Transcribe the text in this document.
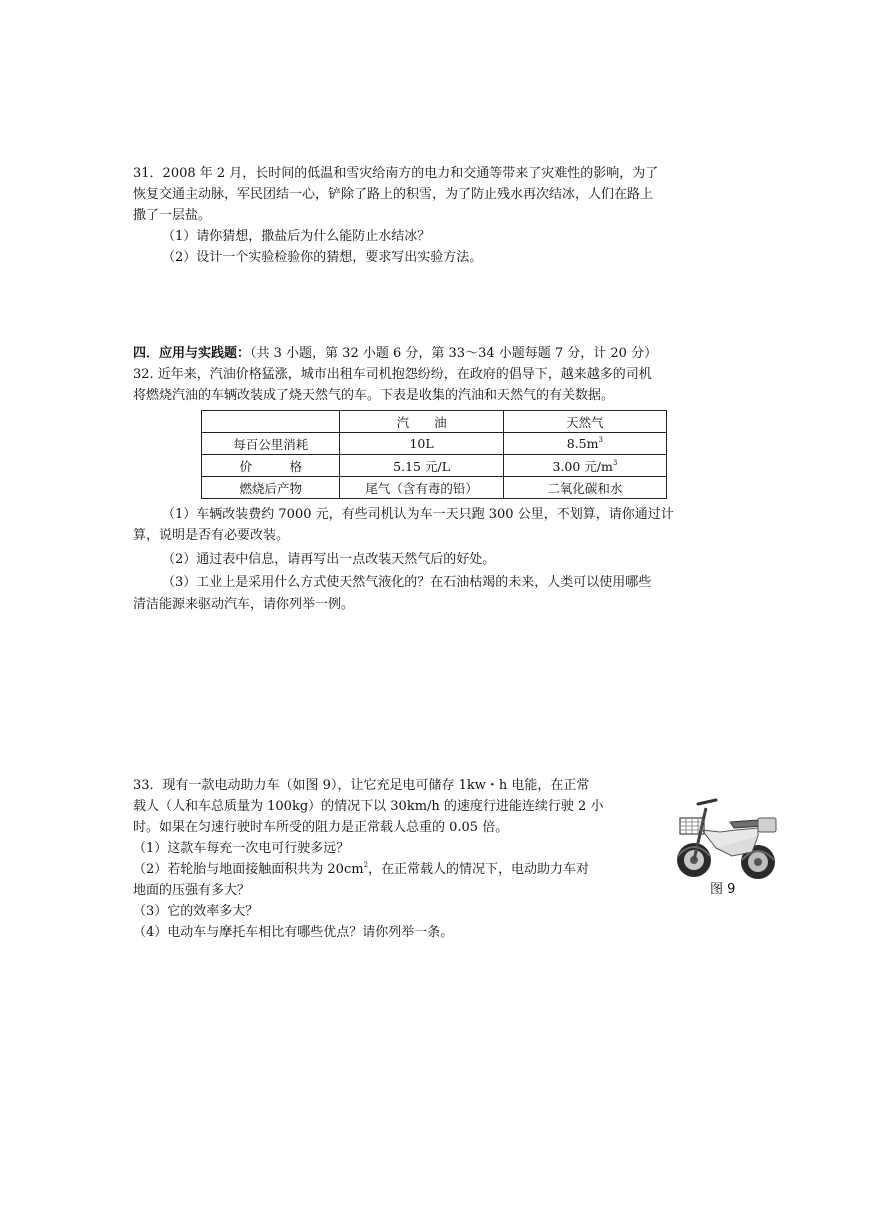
31．2008 年 2 月，长时间的低温和雪灾给南方的电力和交通等带来了灾难性的影响，为了
恢复交通主动脉，军民团结一心，铲除了路上的积雪，为了防止残水再次结冰，人们在路上
撒了一层盐。
（1）请你猜想，撒盐后为什么能防止水结冰？
（2）设计一个实验检验你的猜想，要求写出实验方法。
四．应用与实践题：（共 3 小题，第 32 小题 6 分，第 33～34 小题每题 7 分，计 20 分）
32. 近年来，汽油价格猛涨，城市出租车司机抱怨纷纷，在政府的倡导下，越来越多的司机
将燃烧汽油的车辆改装成了烧天然气的车。下表是收集的汽油和天然气的有关数据。
	汽　　油	天然气
每百公里消耗	10L	$8.5m^3$
价　　　格	5.15 元/L	3.00 元$/m^3$
燃烧后产物	尾气（含有毒的铅）	二氧化碳和水
（1）车辆改装费约 7000 元，有些司机认为车一天只跑 300 公里，不划算，请你通过计
算，说明是否有必要改装。
（2）通过表中信息，请再写出一点改装天然气后的好处。
（3）工业上是采用什么方式使天然气液化的？在石油枯竭的未来，人类可以使用哪些
清洁能源来驱动汽车，请你列举一例。
33．现有一款电动助力车（如图 9），让它充足电可储存 1kw・h 电能，在正常
载人（人和车总质量为 100kg）的情况下以 30km/h 的速度行进能连续行驶 2 小
时。如果在匀速行驶时车所受的阻力是正常载人总重的 0.05 倍。
（1）这款车每充一次电可行驶多远？
（2）若轮胎与地面接触面积共为 $20cm^2$，在正常载人的情况下，电动助力车对
地面的压强有多大？
（3）它的效率多大？
（4）电动车与摩托车相比有哪些优点？请你列举一条。
图 9
